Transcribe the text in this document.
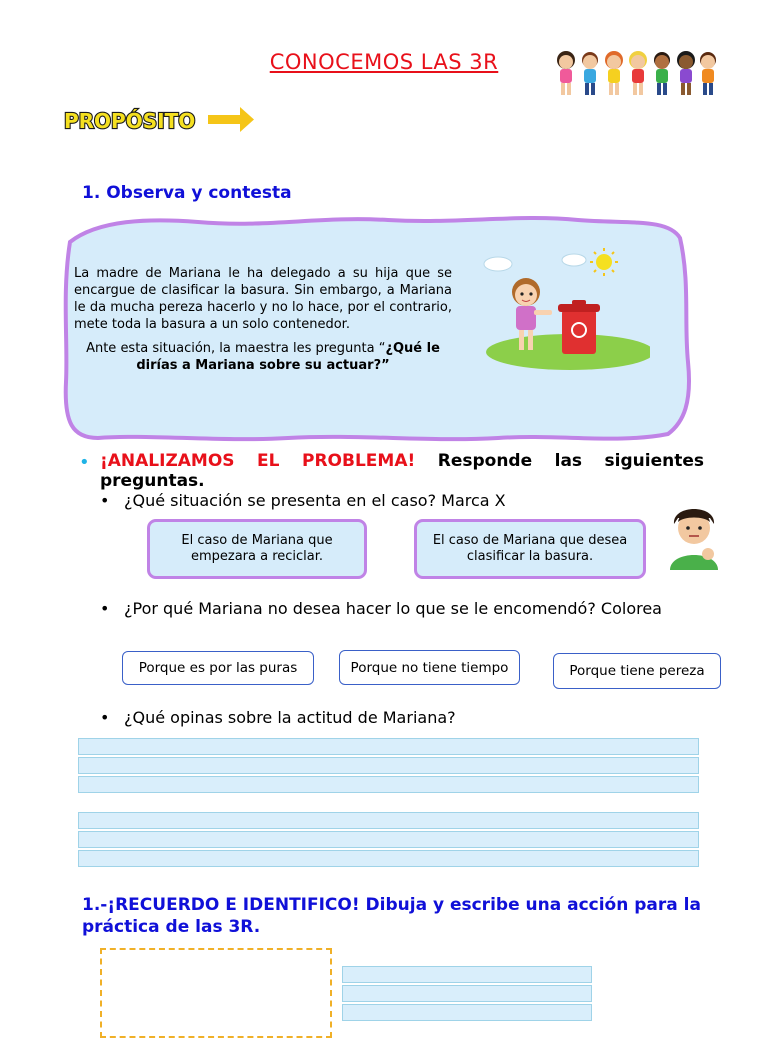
CONOCEMOS LAS 3R
PROPÓSITO
1. Observa y contesta

La madre de Mariana le ha delegado a su hija que se encargue de clasificar la basura. Sin embargo, a Mariana le da mucha pereza hacerlo y no lo hace, por el contrario, mete toda la basura a un solo contenedor.

Ante esta situación, la maestra les pregunta “¿Qué le dirías a Mariana sobre su actuar?”

• ¡ANALIZAMOS EL PROBLEMA! Responde las siguientes preguntas.
• ¿Qué situación se presenta en el caso? Marca X
El caso de Mariana que empezara a reciclar.
El caso de Mariana que desea clasificar la basura.
• ¿Por qué Mariana no desea hacer lo que se le encomendó? Colorea
Porque es por las puras	Porque no tiene tiempo	Porque tiene pereza
• ¿Qué opinas sobre la actitud de Mariana?
1.-¡RECUERDO E IDENTIFICO! Dibuja y escribe una acción para la práctica de las 3R.
